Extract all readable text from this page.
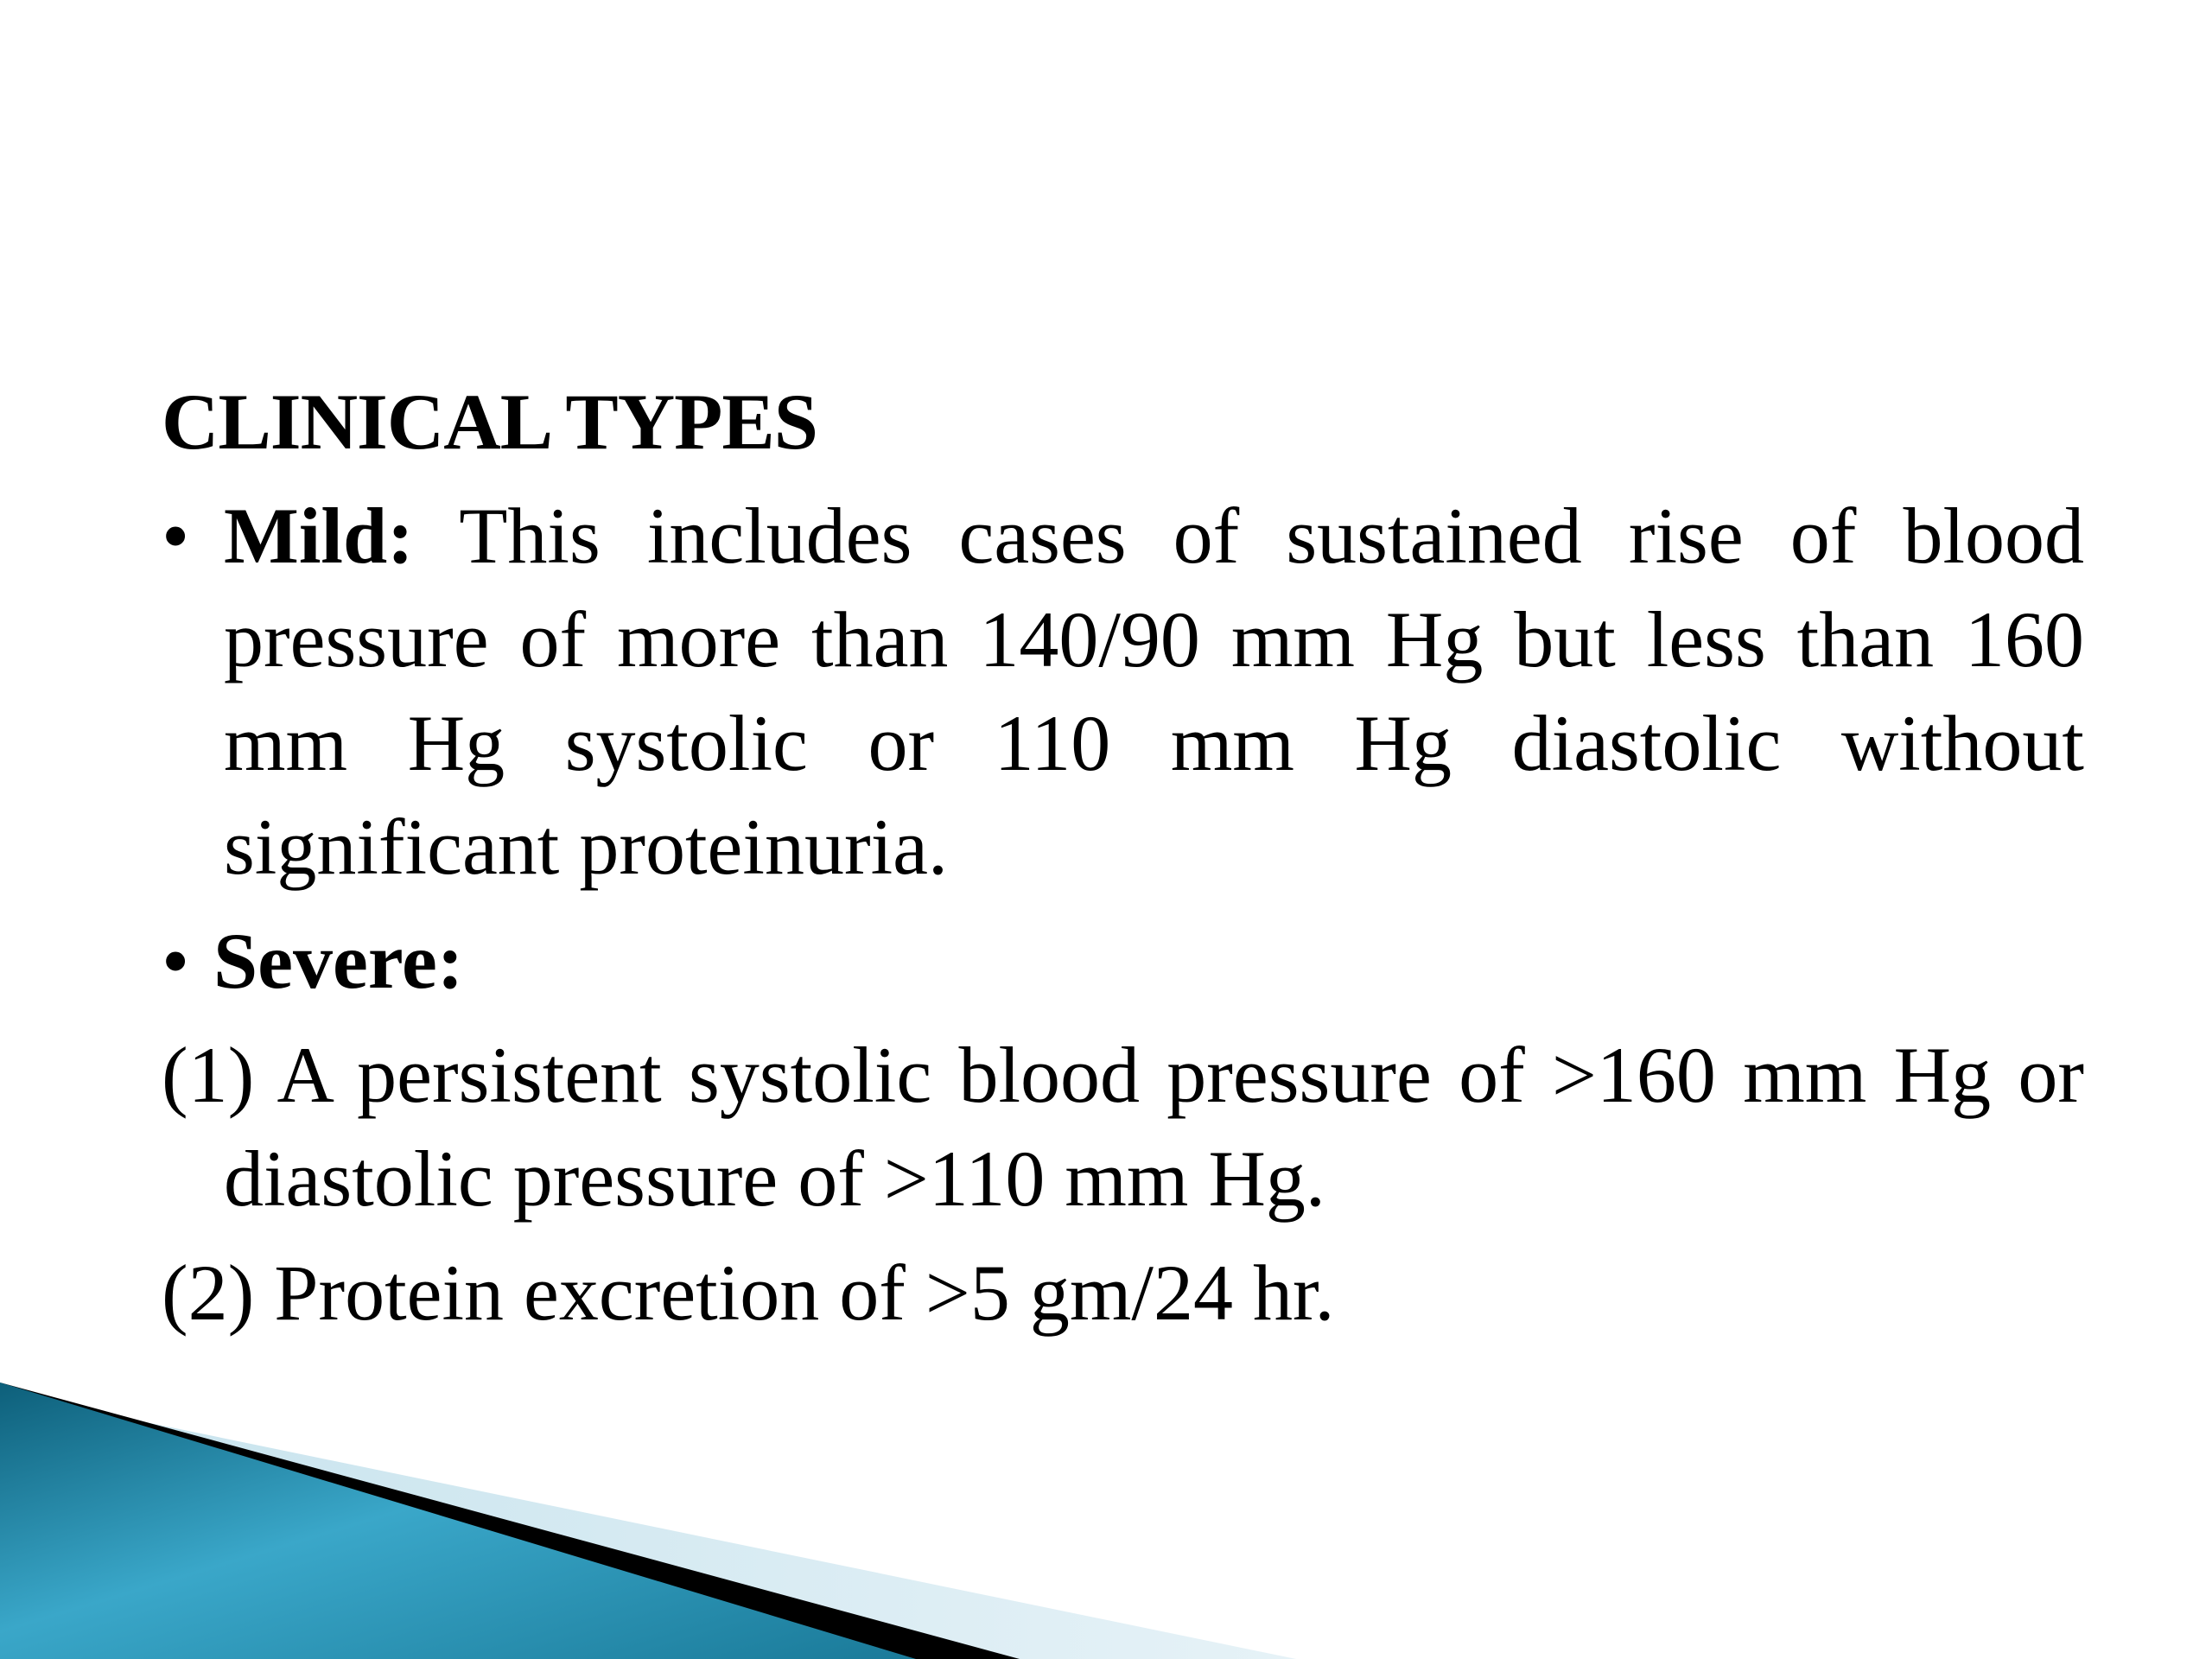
CLINICAL TYPES
• Mild: This includes cases of sustained rise of blood pressure of more than 140/90 mm Hg but less than 160 mm Hg systolic or 110 mm Hg diastolic without significant proteinuria.
• Severe:
(1) A persistent systolic blood pressure of >160 mm Hg or diastolic pressure of >110 mm Hg.
(2) Protein excretion of >5 gm/24 hr.
